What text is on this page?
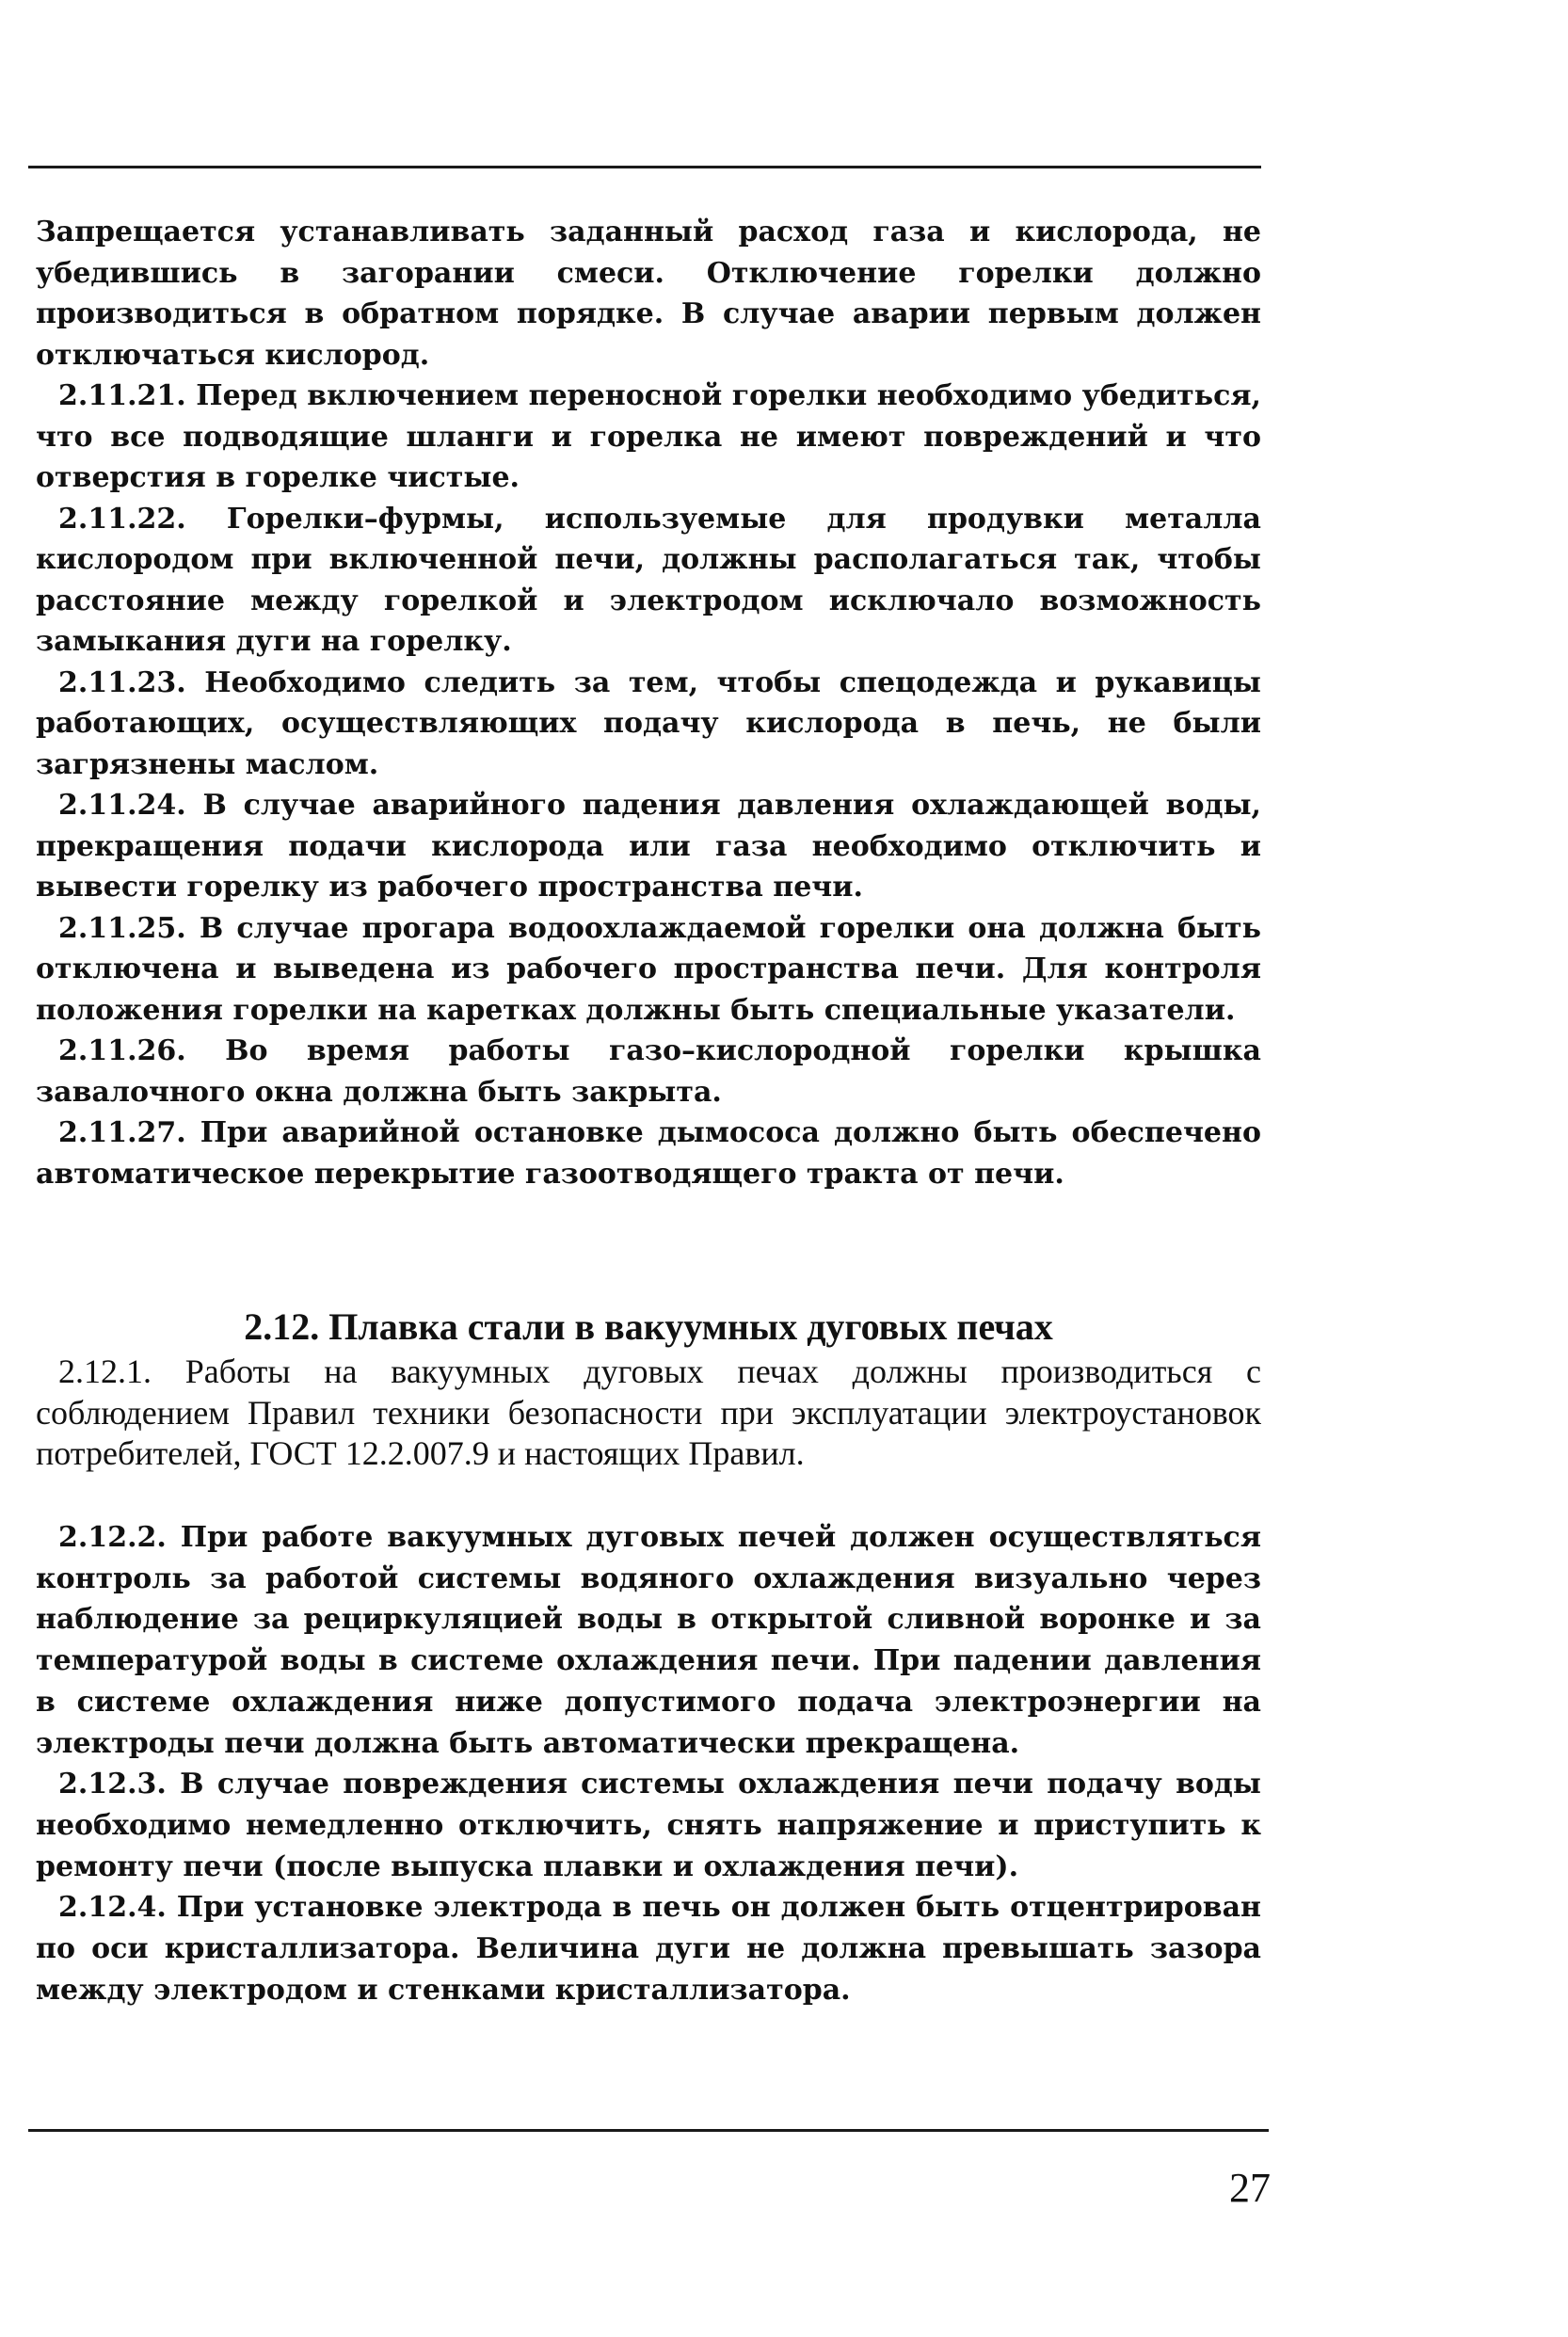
Запрещается устанавливать заданный расход газа и кислорода, не убедившись в загорании смеси. Отключение горелки должно производиться в обратном порядке. В случае аварии первым должен отключаться кислород.

2.11.21. Перед включением переносной горелки необходимо убедиться, что все подводящие шланги и горелка не имеют повреждений и что отверстия в горелке чистые.

2.11.22. Горелки–фурмы, используемые для продувки металла кислородом при включенной печи, должны располагаться так, чтобы расстояние между горелкой и электродом исключало возможность замыкания дуги на горелку.

2.11.23. Необходимо следить за тем, чтобы спецодежда и рукавицы работающих, осуществляющих подачу кислорода в печь, не были загрязнены маслом.

2.11.24. В случае аварийного падения давления охлаждающей воды, прекращения подачи кислорода или газа необходимо отключить и вывести горелку из рабочего пространства печи.

2.11.25. В случае прогара водоохлаждаемой горелки она должна быть отключена и выведена из рабочего пространства печи. Для контроля положения горелки на каретках должны быть специальные указатели.

2.11.26. Во время работы газо–кислородной горелки крышка завалочного окна должна быть закрыта.

2.11.27. При аварийной остановке дымососа должно быть обеспечено автоматическое перекрытие газоотводящего тракта от печи.

2.12. Плавка стали в вакуумных дуговых печах

2.12.1. Работы на вакуумных дуговых печах должны производиться с соблюдением Правил техники безопасности при эксплуатации электроустановок потребителей, ГОСТ 12.2.007.9 и настоящих Правил.

2.12.2. При работе вакуумных дуговых печей должен осуществляться контроль за работой системы водяного охлаждения визуально через наблюдение за рециркуляцией воды в открытой сливной воронке и за температурой воды в системе охлаждения печи. При падении давления в системе охлаждения ниже допустимого подача электроэнергии на электроды печи должна быть автоматически прекращена.

2.12.3. В случае повреждения системы охлаждения печи подачу воды необходимо немедленно отключить, снять напряжение и приступить к ремонту печи (после выпуска плавки и охлаждения печи).

2.12.4. При установке электрода в печь он должен быть отцентрирован по оси кристаллизатора. Величина дуги не должна превышать зазора между электродом и стенками кристаллизатора.

27
